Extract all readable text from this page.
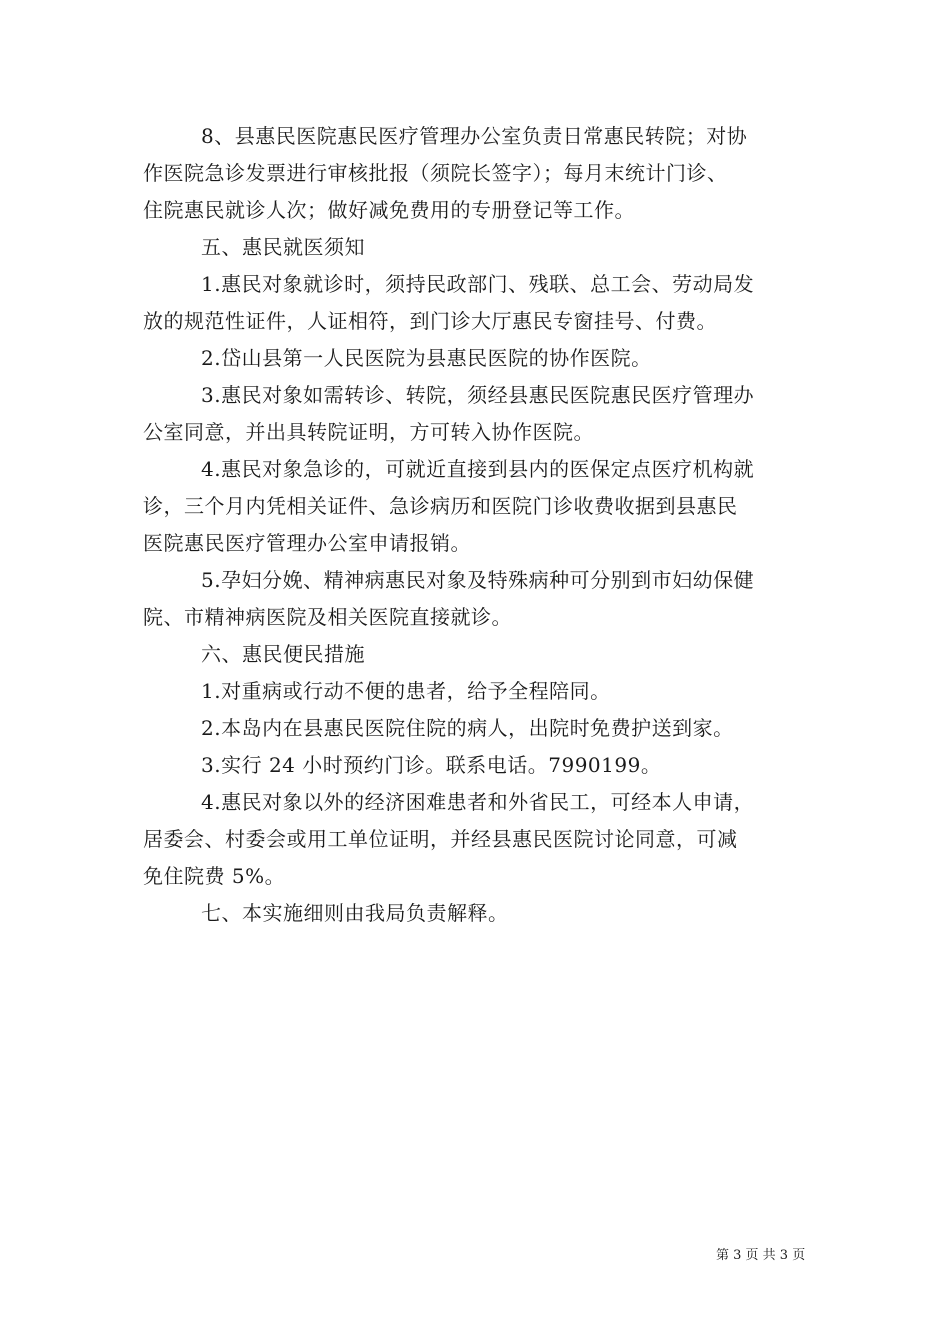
8、县惠民医院惠民医疗管理办公室负责日常惠民转院；对协
作医院急诊发票进行审核批报（须院长签字）；每月末统计门诊、
住院惠民就诊人次；做好减免费用的专册登记等工作。
五、惠民就医须知
1.惠民对象就诊时，须持民政部门、残联、总工会、劳动局发
放的规范性证件，人证相符，到门诊大厅惠民专窗挂号、付费。
2.岱山县第一人民医院为县惠民医院的协作医院。
3.惠民对象如需转诊、转院，须经县惠民医院惠民医疗管理办
公室同意，并出具转院证明，方可转入协作医院。
4.惠民对象急诊的，可就近直接到县内的医保定点医疗机构就
诊，三个月内凭相关证件、急诊病历和医院门诊收费收据到县惠民
医院惠民医疗管理办公室申请报销。
5.孕妇分娩、精神病惠民对象及特殊病种可分别到市妇幼保健
院、市精神病医院及相关医院直接就诊。
六、惠民便民措施
1.对重病或行动不便的患者，给予全程陪同。
2.本岛内在县惠民医院住院的病人，出院时免费护送到家。
3.实行 24 小时预约门诊。联系电话。7990199。
4.惠民对象以外的经济困难患者和外省民工，可经本人申请，
居委会、村委会或用工单位证明，并经县惠民医院讨论同意，可减
免住院费 5%。
七、本实施细则由我局负责解释。
第 3 页 共 3 页
